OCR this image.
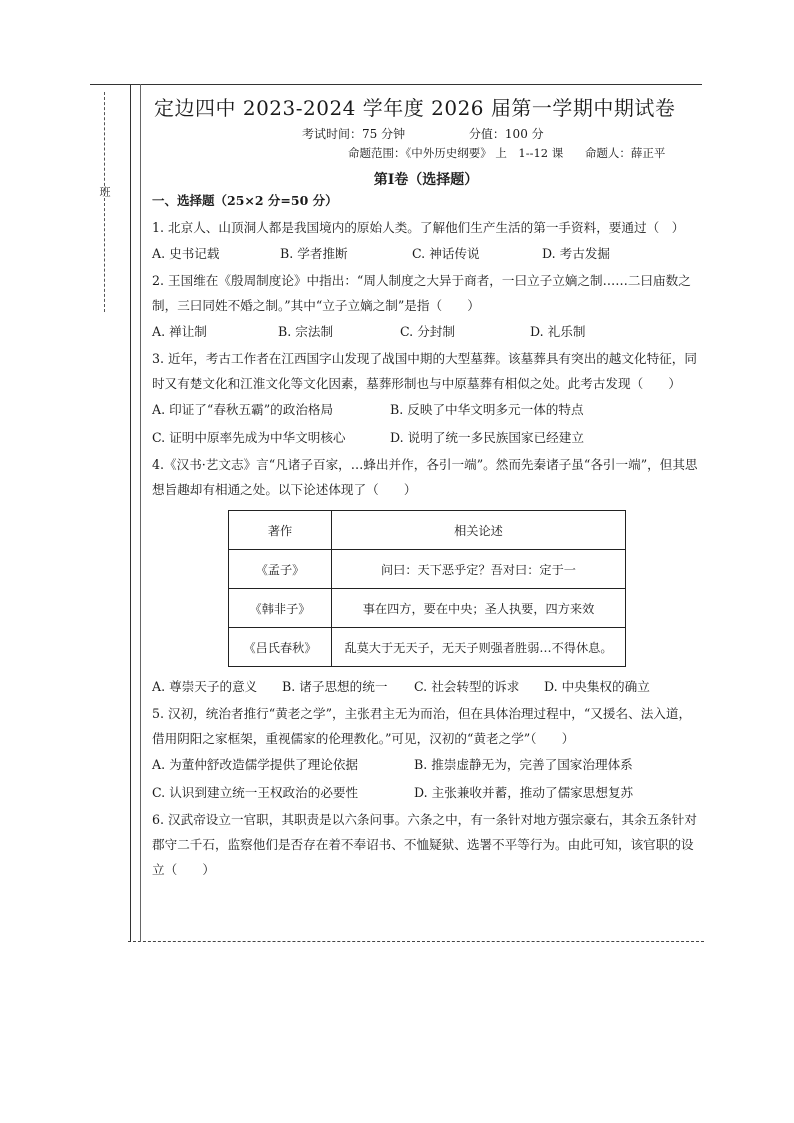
班
定边四中 2023-2024 学年度 2026 届第一学期中期试卷
考试时间：75 分钟	分值：100 分
命题范围：《中外历史纲要》 上　1--12 课 命题人：薛正平
第Ⅰ卷（选择题）
一、选择题（25×2 分=50 分）

1. 北京人、山顶洞人都是我国境内的原始人类。了解他们生产生活的第一手资料，要通过（　）

A. 史书记载	B. 学者推断	C. 神话传说	D. 考古发掘

2. 王国维在《殷周制度论》中指出：“周人制度之大异于商者，一曰立子立嫡之制……二曰庙数之制，三曰同姓不婚之制。”其中“立子立嫡之制”是指（　　）

A. 禅让制	B. 宗法制	C. 分封制	D. 礼乐制

3. 近年，考古工作者在江西国字山发现了战国中期的大型墓葬。该墓葬具有突出的越文化特征，同时又有楚文化和江淮文化等文化因素，墓葬形制也与中原墓葬有相似之处。此考古发现（　　）

A. 印证了“春秋五霸”的政治格局	B. 反映了中华文明多元一体的特点
C. 证明中原率先成为中华文明核心	D. 说明了统一多民族国家已经建立

4.《汉书·艺文志》言“凡诸子百家，…蜂出并作，各引一端”。然而先秦诸子虽“各引一端”，但其思想旨趣却有相通之处。以下论述体现了（　　）

著作	相关论述
《孟子》	问曰：天下恶乎定？吾对曰：定于一
《韩非子》	事在四方，要在中央；圣人执要，四方来效
《吕氏春秋》	乱莫大于无天子，无天子则强者胜弱…不得休息。
A. 尊崇天子的意义	B. 诸子思想的统一	C. 社会转型的诉求	D. 中央集权的确立

5. 汉初，统治者推行“黄老之学”，主张君主无为而治，但在具体治理过程中，“又援名、法入道，借用阴阳之家框架，重视儒家的伦理教化。”可见，汉初的“黄老之学”（　　）

A. 为董仲舒改造儒学提供了理论依据	B. 推崇虚静无为，完善了国家治理体系
C. 认识到建立统一王权政治的必要性	D. 主张兼收并蓄，推动了儒家思想复苏

6. 汉武帝设立一官职，其职责是以六条问事。六条之中，有一条针对地方强宗豪右，其余五条针对郡守二千石，监察他们是否存在着不奉诏书、不恤疑狱、选署不平等行为。由此可知，该官职的设立（　　）
